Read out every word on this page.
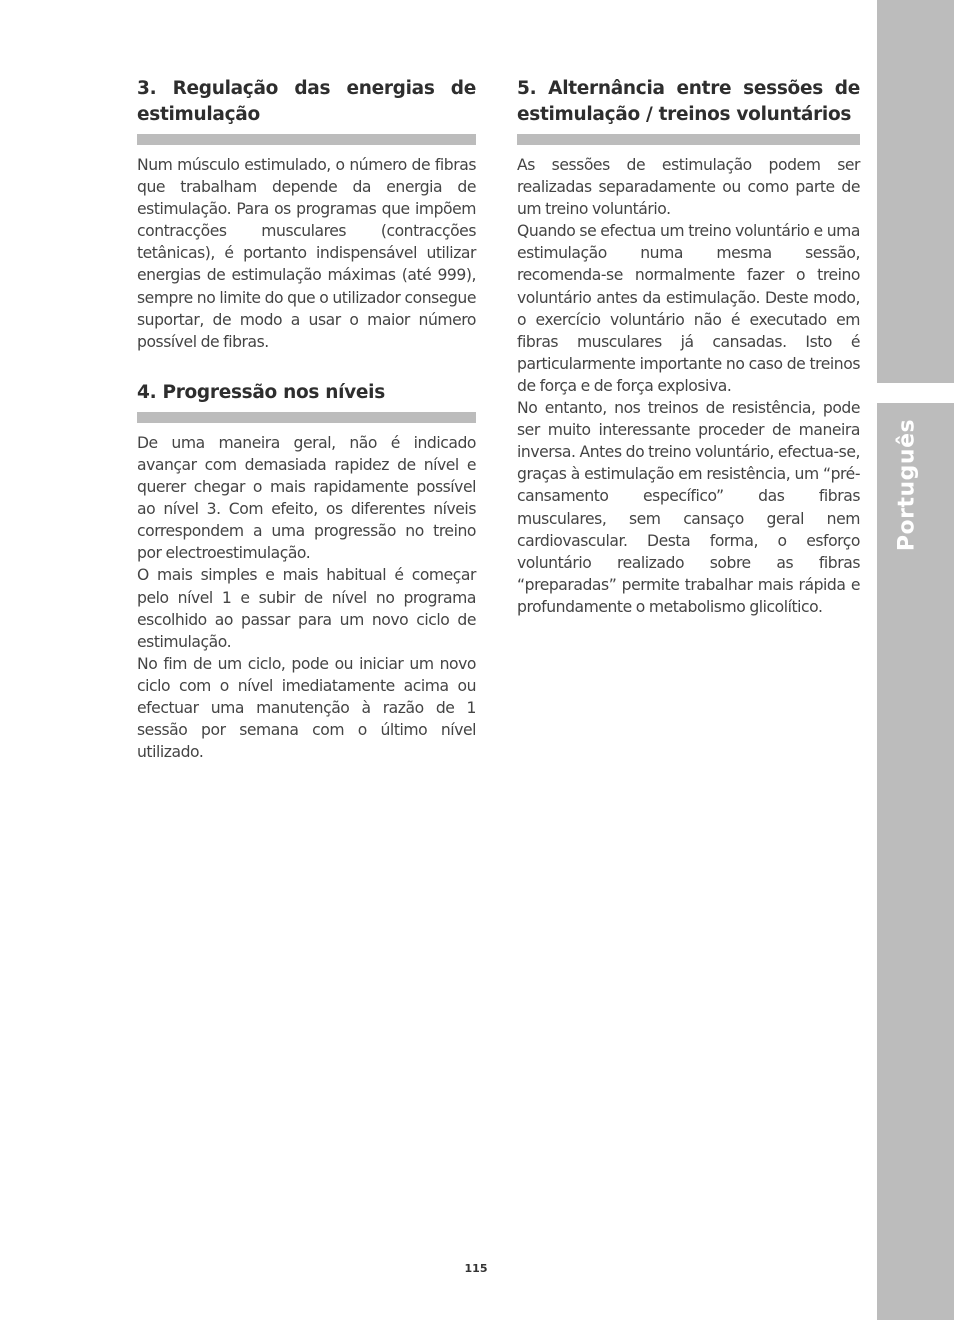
Português
3. Regulação das energias de estimulação

Num músculo estimulado, o número de fibras que trabalham depende da energia de estimulação. Para os programas que impõem contracções musculares (contracções tetânicas), é portanto indispensável utilizar energias de estimulação máximas (até 999), sempre no limite do que o utilizador consegue suportar, de modo a usar o maior número possível de fibras.

4. Progressão nos níveis

De uma maneira geral, não é indicado avançar com demasiada rapidez de nível e querer chegar o mais rapidamente possível ao nível 3. Com efeito, os diferentes níveis correspondem a uma progressão no treino por electroestimulação.

O mais simples e mais habitual é começar pelo nível 1 e subir de nível no programa escolhido ao passar para um novo ciclo de estimulação.

No fim de um ciclo, pode ou iniciar um novo ciclo com o nível imediatamente acima ou efectuar uma manutenção à razão de 1 sessão por semana com o último nível utilizado.

5. Alternância entre sessões de estimulação / treinos voluntários

As sessões de estimulação podem ser realizadas separadamente ou como parte de um treino voluntário.

Quando se efectua um treino voluntário e uma estimulação numa mesma sessão, recomenda-se normalmente fazer o treino voluntário antes da estimulação. Deste modo, o exercício voluntário não é executado em fibras musculares já cansadas. Isto é particularmente importante no caso de treinos de força e de força explosiva.

No entanto, nos treinos de resistência, pode ser muito interessante proceder de maneira inversa. Antes do treino voluntário, efectua-se, graças à estimulação em resistência, um “pré-cansamento específico” das fibras musculares, sem cansaço geral nem cardiovascular. Desta forma, o esforço voluntário realizado sobre as fibras “preparadas” permite trabalhar mais rápida e profundamente o metabolismo glicolítico.

115
